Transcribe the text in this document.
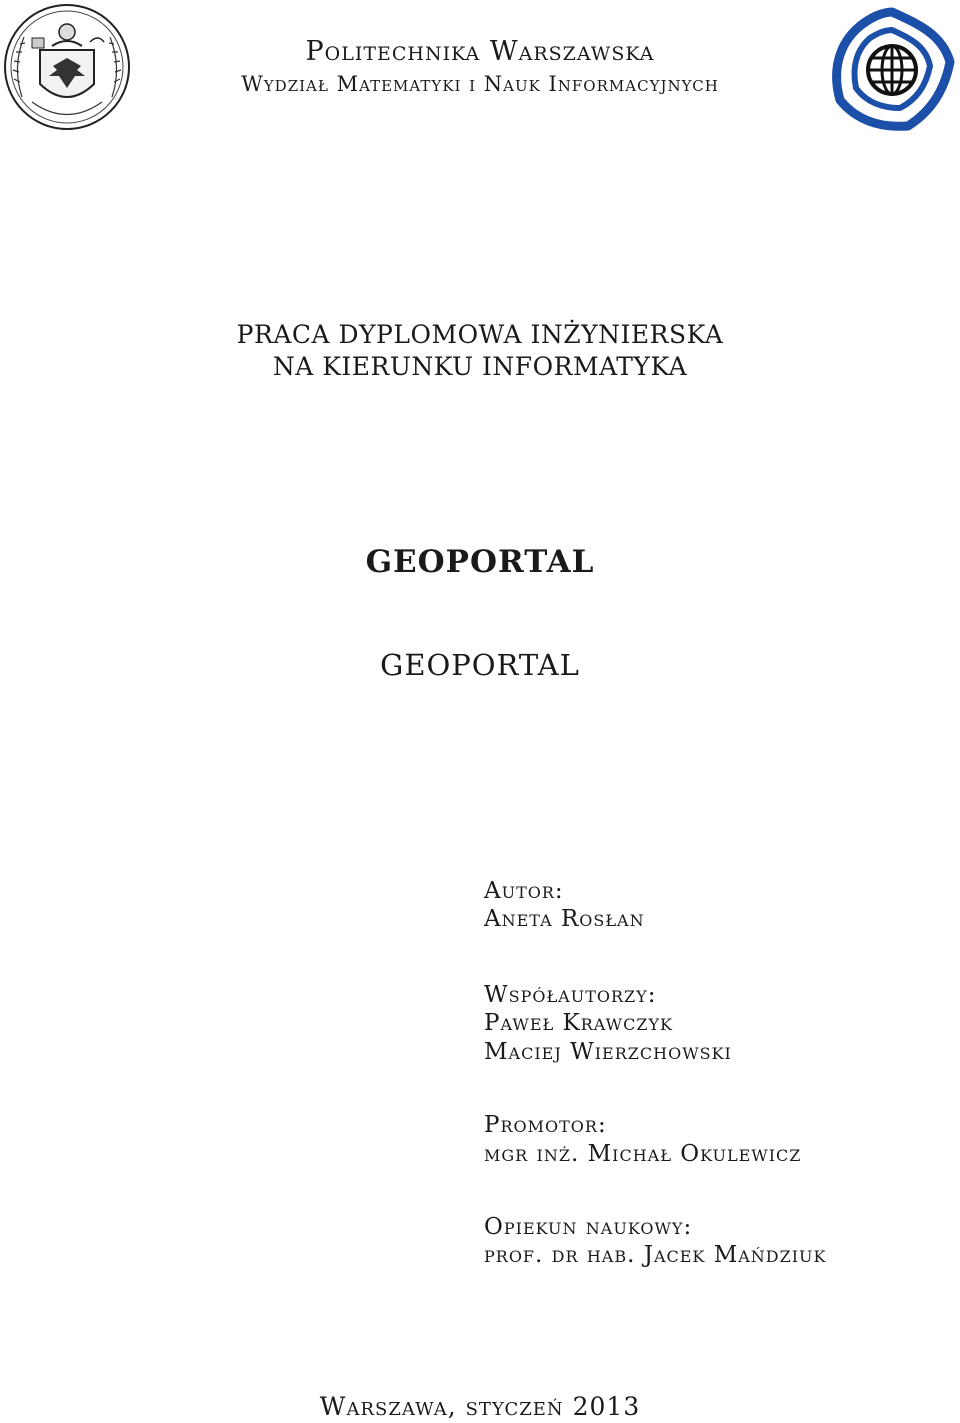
Politechnika Warszawska
Wydział Matematyki i Nauk Informacyjnych
PRACA DYPLOMOWA INŻYNIERSKA
NA KIERUNKU INFORMATYKA
GEOPORTAL
GEOPORTAL
Autor:
Aneta Rosłan
Współautorzy:
Paweł Krawczyk
Maciej Wierzchowski
Promotor:
mgr inż. Michał Okulewicz
Opiekun naukowy:
prof. dr hab. Jacek Mańdziuk
Warszawa, styczeń 2013
